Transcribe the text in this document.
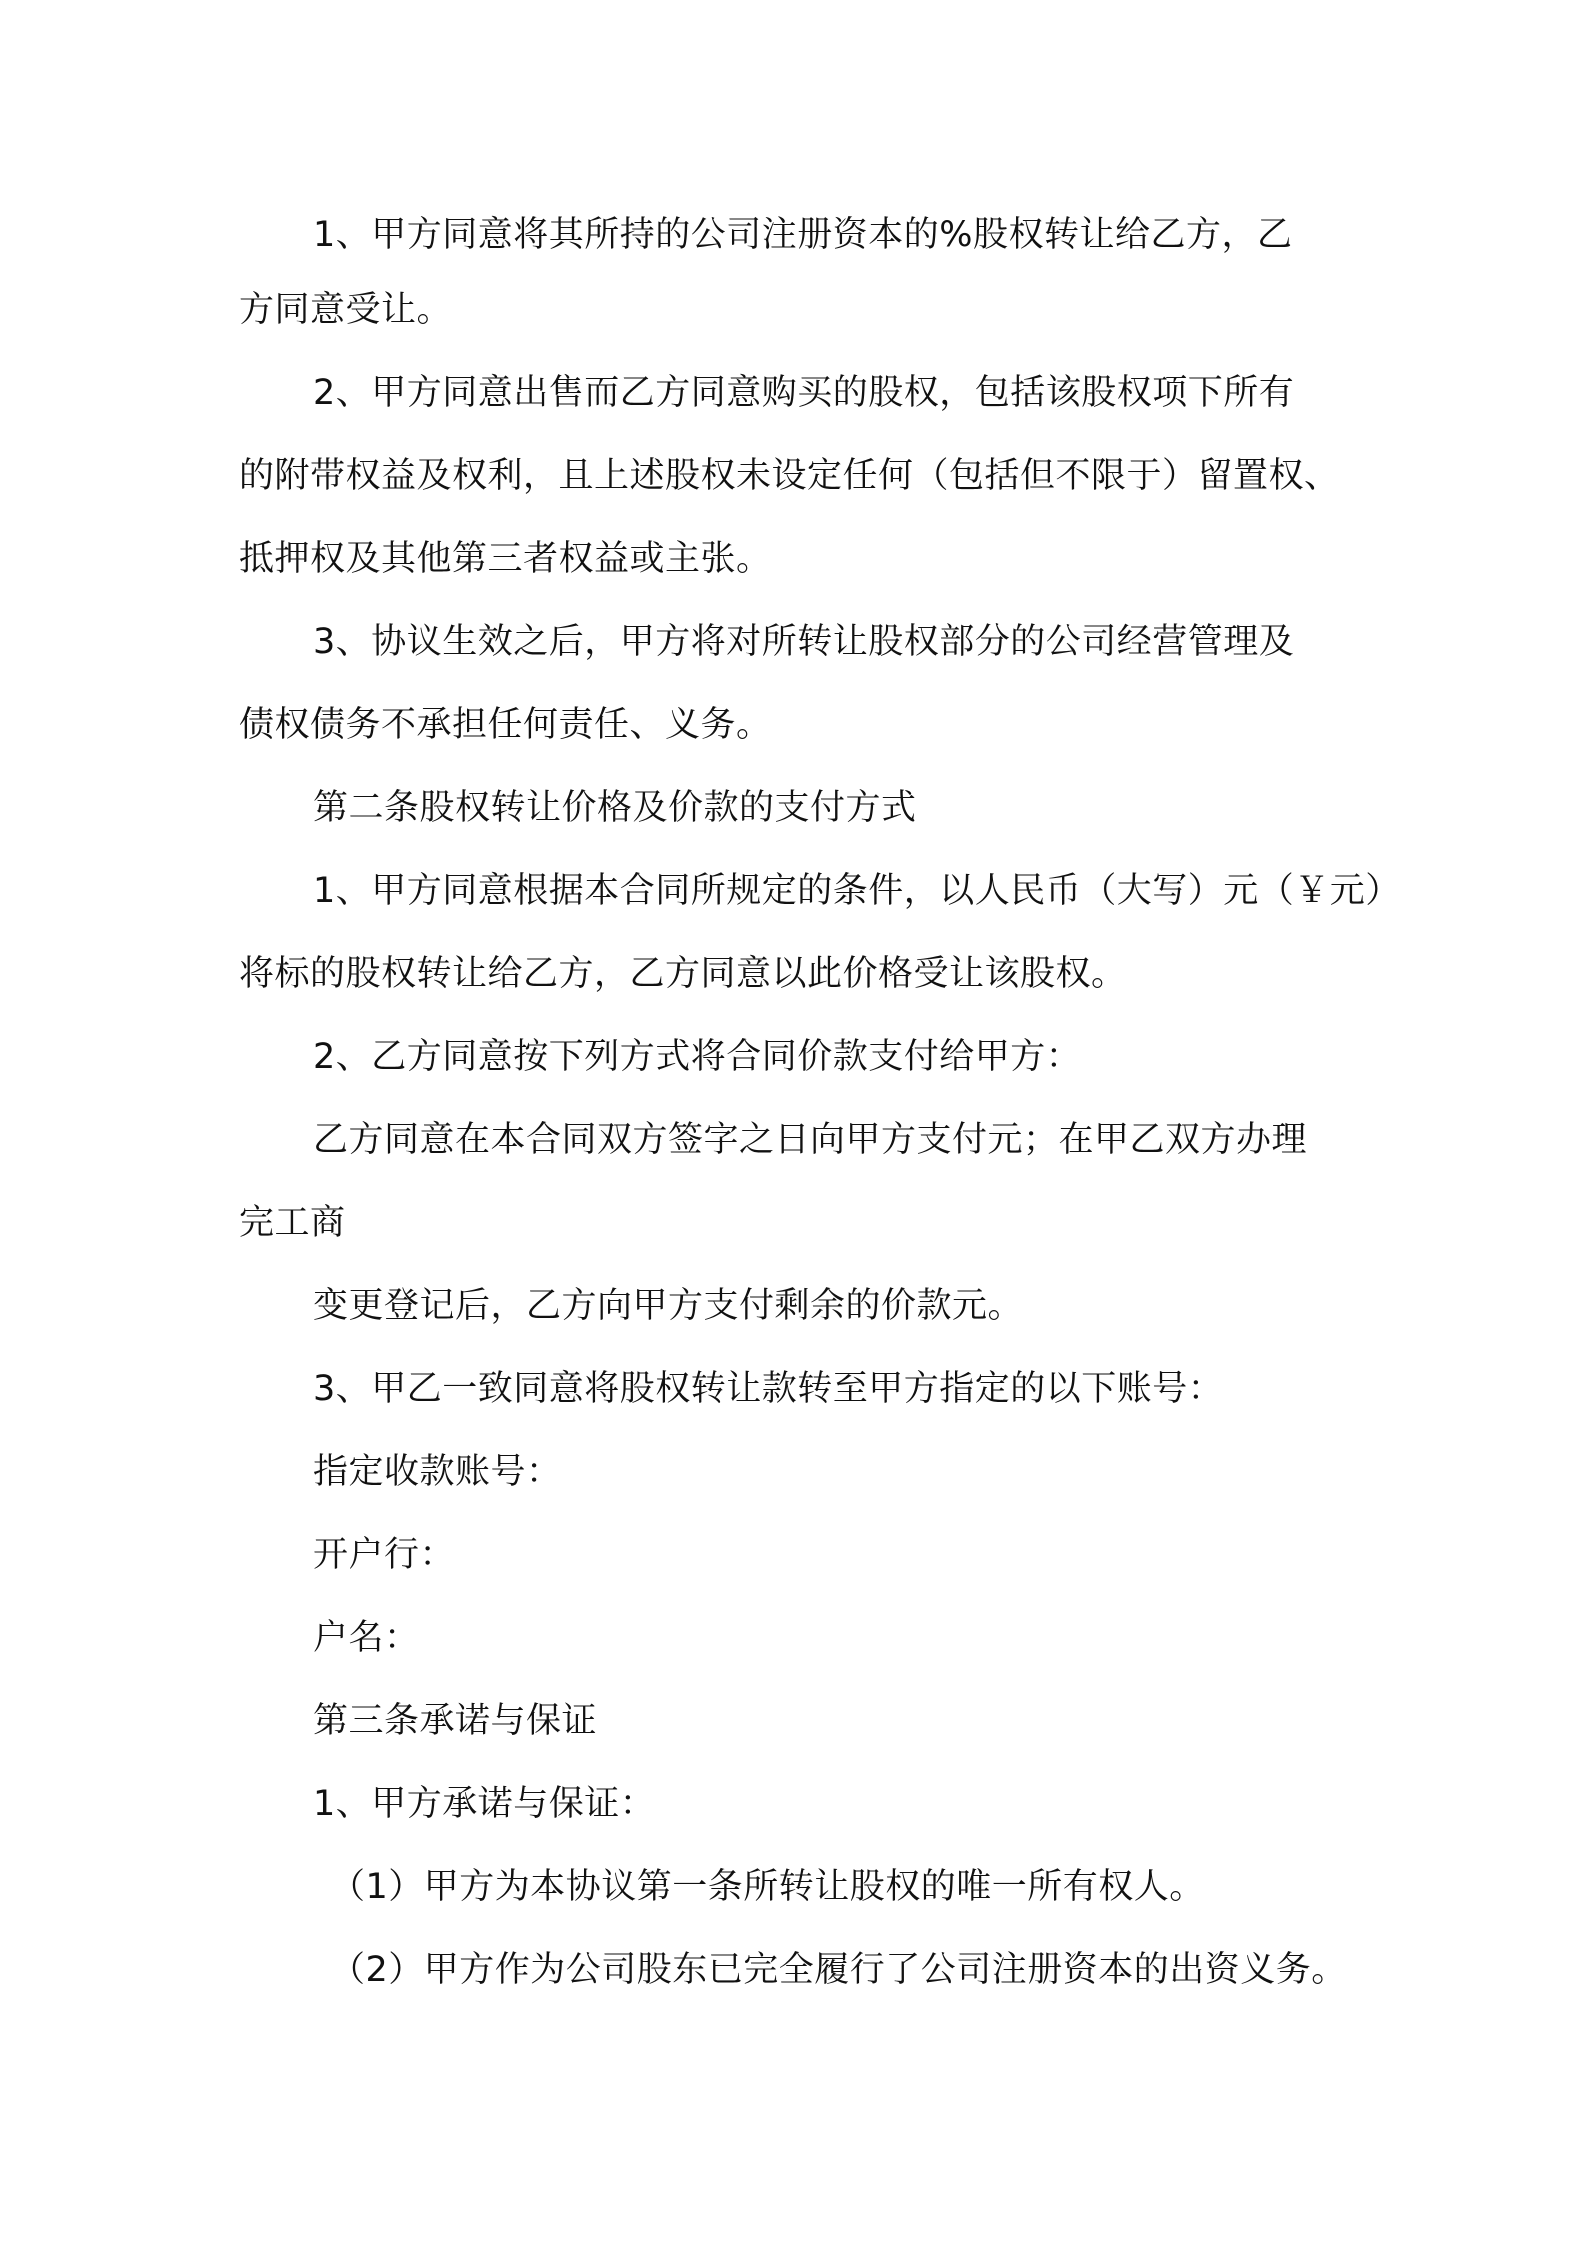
1、甲方同意将其所持的公司注册资本的%股权转让给乙方，乙
方同意受让。
2、甲方同意出售而乙方同意购买的股权，包括该股权项下所有
的附带权益及权利，且上述股权未设定任何（包括但不限于）留置权、
抵押权及其他第三者权益或主张。
3、协议生效之后，甲方将对所转让股权部分的公司经营管理及
债权债务不承担任何责任、义务。
第二条股权转让价格及价款的支付方式
1、甲方同意根据本合同所规定的条件，以人民币（大写）元（￥元）
将标的股权转让给乙方，乙方同意以此价格受让该股权。
2、乙方同意按下列方式将合同价款支付给甲方：
乙方同意在本合同双方签字之日向甲方支付元；在甲乙双方办理
完工商
变更登记后，乙方向甲方支付剩余的价款元。
3、甲乙一致同意将股权转让款转至甲方指定的以下账号：
指定收款账号：
开户行：
户名：
第三条承诺与保证
1、甲方承诺与保证：
（1）甲方为本协议第一条所转让股权的唯一所有权人。
（2）甲方作为公司股东已完全履行了公司注册资本的出资义务。
